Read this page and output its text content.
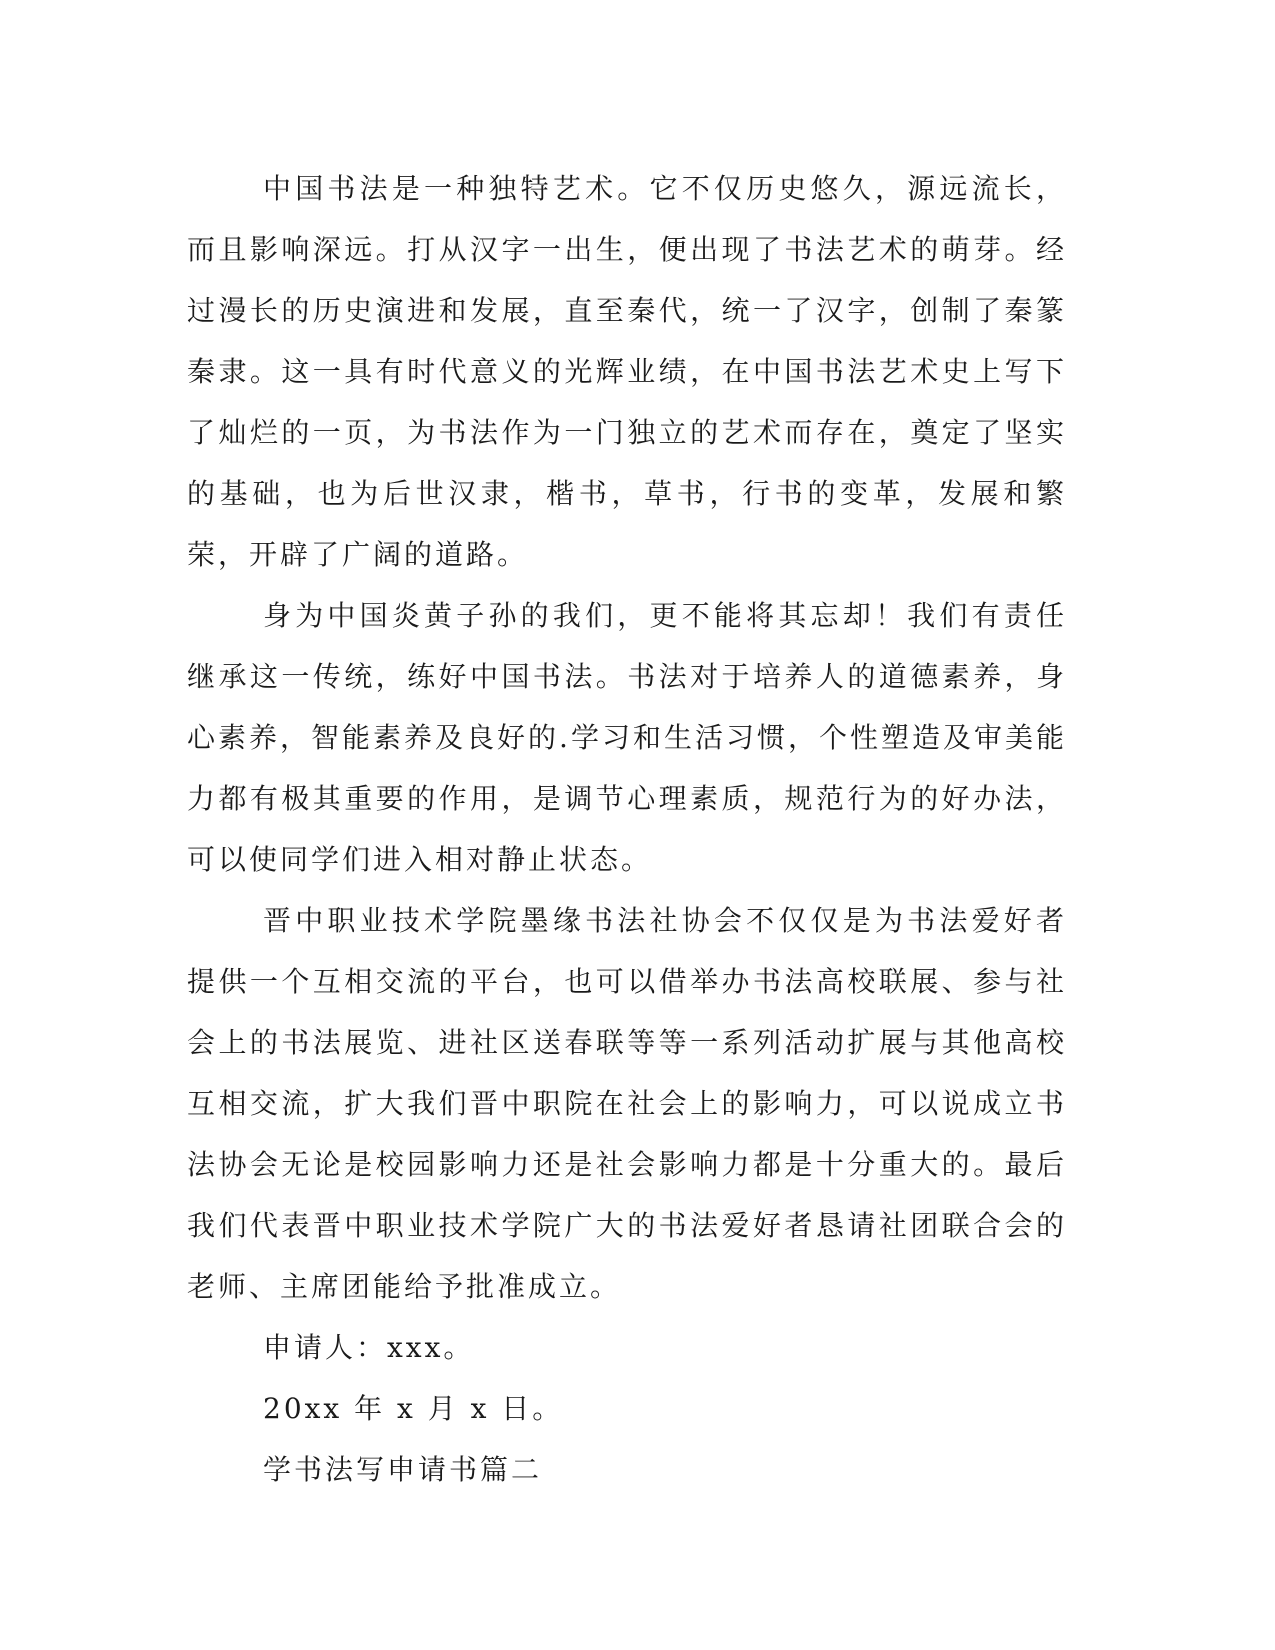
中国书法是一种独特艺术。它不仅历史悠久，源远流长，而且影响深远。打从汉字一出生，便出现了书法艺术的萌芽。经过漫长的历史演进和发展，直至秦代，统一了汉字，创制了秦篆秦隶。这一具有时代意义的光辉业绩，在中国书法艺术史上写下了灿烂的一页，为书法作为一门独立的艺术而存在，奠定了坚实的基础，也为后世汉隶，楷书，草书，行书的变革，发展和繁荣，开辟了广阔的道路。

身为中国炎黄子孙的我们，更不能将其忘却！我们有责任继承这一传统，练好中国书法。书法对于培养人的道德素养，身心素养，智能素养及良好的.学习和生活习惯，个性塑造及审美能力都有极其重要的作用，是调节心理素质，规范行为的好办法，可以使同学们进入相对静止状态。

晋中职业技术学院墨缘书法社协会不仅仅是为书法爱好者提供一个互相交流的平台，也可以借举办书法高校联展、参与社会上的书法展览、进社区送春联等等一系列活动扩展与其他高校互相交流，扩大我们晋中职院在社会上的影响力，可以说成立书法协会无论是校园影响力还是社会影响力都是十分重大的。最后我们代表晋中职业技术学院广大的书法爱好者恳请社团联合会的老师、主席团能给予批准成立。

申请人：xxx。

20xx 年 x 月 x 日。

学书法写申请书篇二
